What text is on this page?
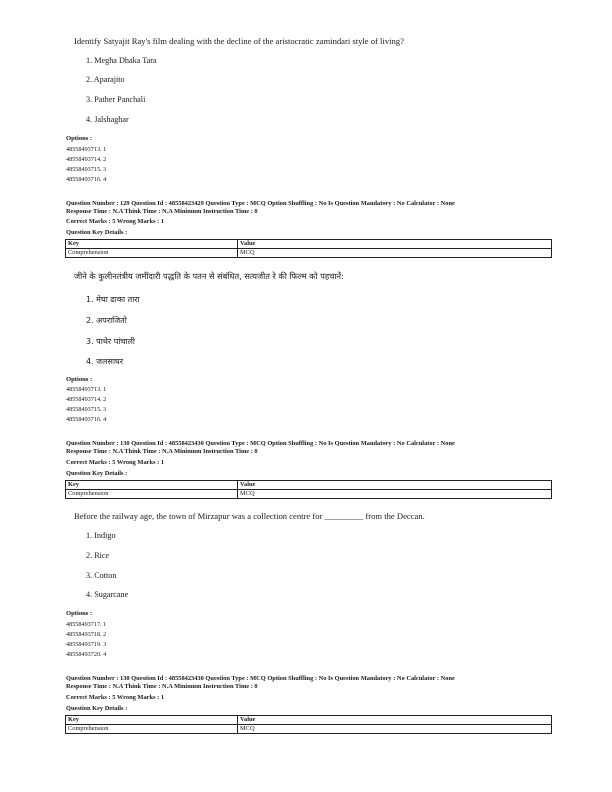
Identify Satyajit Ray's film dealing with the decline of the aristocratic zamindari style of living?
1. Megha Dhaka Tara
2. Aparajito
3. Pather Panchali
4. Jalshaghar
Options :
48558493713. 1
48558493714. 2
48558493715. 3
48558493716. 4
Question Number : 129 Question Id : 48558423429 Question Type : MCQ Option Shuffling : No Is Question Mandatory : No Calculator : None
Response Time : N.A Think Time : N.A Minimum Instruction Time : 0
Correct Marks : 5 Wrong Marks : 1
Question Key Details :
Key	Value
Comprehension	MCQ
जीने के कुलीनतंत्रीय जमींदारी पद्धति के पतन से संबंधित, सत्यजीत रे की फिल्म को पहचानें:
1. मेघा ढाका तारा
2. अपराजितो
3. पाथेर पांचाली
4. जलसाघर
Options :
48558493713. 1
48558493714. 2
48558493715. 3
48558493716. 4
Question Number : 130 Question Id : 48558423430 Question Type : MCQ Option Shuffling : No Is Question Mandatory : No Calculator : None
Response Time : N.A Think Time : N.A Minimum Instruction Time : 0
Correct Marks : 5 Wrong Marks : 1
Question Key Details :
Key	Value
Comprehension	MCQ
Before the railway age, the town of Mirzapur was a collection centre for _________ from the Deccan.
1. Indigo
2. Rice
3. Cotton
4. Sugarcane
Options :
48558493717. 1
48558493718. 2
48558493719. 3
48558493720. 4
Question Number : 130 Question Id : 48558423430 Question Type : MCQ Option Shuffling : No Is Question Mandatory : No Calculator : None
Response Time : N.A Think Time : N.A Minimum Instruction Time : 0
Correct Marks : 5 Wrong Marks : 1
Question Key Details :
Key	Value
Comprehension	MCQ
